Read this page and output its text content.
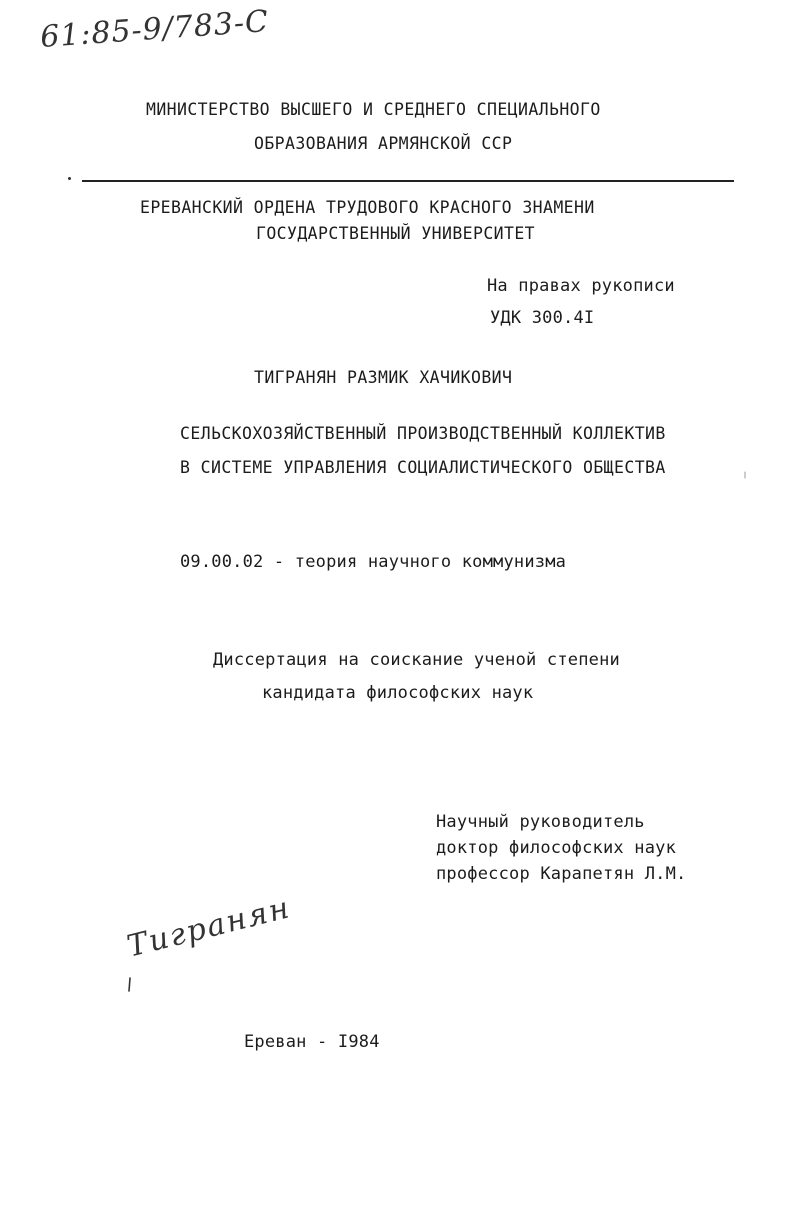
61:85-9/783-С
МИНИСТЕРСТВО ВЫСШЕГО И СРЕДНЕГО СПЕЦИАЛЬНОГО
ОБРАЗОВАНИЯ АРМЯНСКОЙ ССР
ЕРЕВАНСКИЙ ОРДЕНА ТРУДОВОГО КРАСНОГО ЗНАМЕНИ
ГОСУДАРСТВЕННЫЙ УНИВЕРСИТЕТ
На правах рукописи
УДК 300.4I
ТИГРАНЯН РАЗМИК ХАЧИКОВИЧ
СЕЛЬСКОХОЗЯЙСТВЕННЫЙ ПРОИЗВОДСТВЕННЫЙ КОЛЛЕКТИВ
В СИСТЕМЕ УПРАВЛЕНИЯ СОЦИАЛИСТИЧЕСКОГО ОБЩЕСТВА
09.00.02 - теория научного коммунизма
Диссертация на соискание ученой степени
кандидата философских наук
Научный руководитель
доктор философских наук
профессор Карапетян Л.М.
Тигранян
Ереван - I984
